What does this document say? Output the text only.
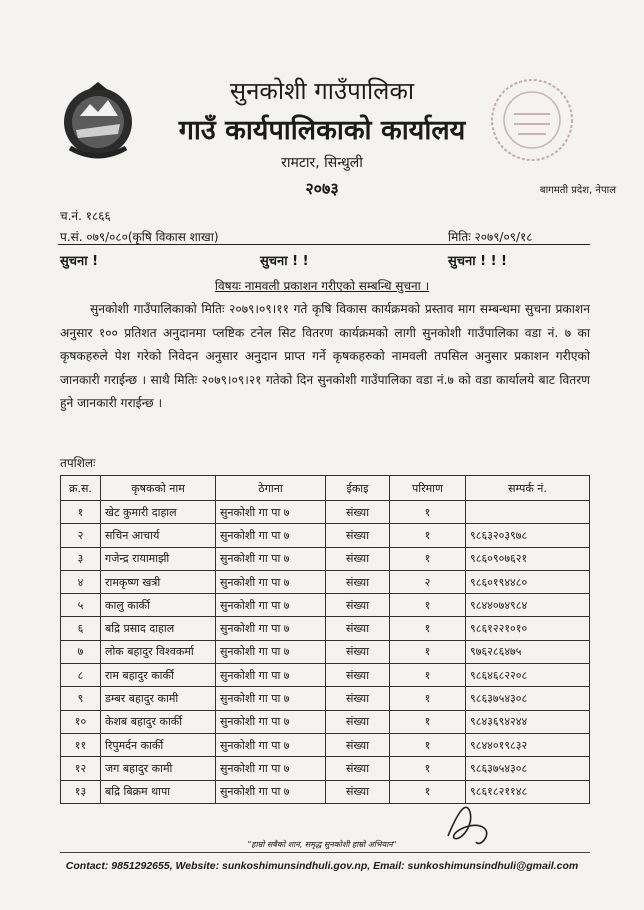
सुनकोशी गाउँपालिका
गाउँ कार्यपालिकाको कार्यालय
रामटार, सिन्धुली
२०७३	बागमती प्रदेश, नेपाल
च.नं. १८६६
प.सं. ०७९/०८०(कृषि विकास शाखा)	मितिः २०७९/०९/१८
सुचना !	सुचना ! !	सुचना ! ! !
विषयः नामवली प्रकाशन गरीएको सम्बन्धि सुचना ।

सुनकोशी गाउँपालिकाको मितिः २०७९।०९।११ गते कृषि विकास कार्यक्रमको प्रस्ताव माग सम्बन्धमा सुचना प्रकाशन अनुसार १०० प्रतिशत अनुदानमा प्लष्टिक टनेल सिट वितरण कार्यक्रमको लागी सुनकोशी गाउँपालिका वडा नं. ७ का कृषकहरुले पेश गरेको निवेदन अनुसार अनुदान प्राप्त गर्ने कृषकहरुको नामवली तपसिल अनुसार प्रकाशन गरीएको जानकारी गराईन्छ । साथै मितिः २०७९।०९।२१ गतेको दिन सुनकोशी गाउँपालिका वडा नं.७ को वडा कार्यालये बाट वितरण हुने जानकारी गराईन्छ ।

तपशिलः
क्र.स.	कृषकको नाम	ठेगाना	ईकाइ	परिमाण	सम्पर्क नं.
१	खेट कुमारी दाहाल	सुनकोशी गा पा ७	संख्या	१	
२	सचिन आचार्य	सुनकोशी गा पा ७	संख्या	१	९८६३२०३९७८
३	गजेन्द्र रायामाझी	सुनकोशी गा पा ७	संख्या	१	९८६०९०७६२१
४	रामकृष्ण खत्री	सुनकोशी गा पा ७	संख्या	२	९८६०१९४४८०
५	कालु कार्की	सुनकोशी गा पा ७	संख्या	१	९८४४०७४९८४
६	बद्रि प्रसाद दाहाल	सुनकोशी गा पा ७	संख्या	१	९८६१२२१०१०
७	लोक बहादुर विश्वकर्मा	सुनकोशी गा पा ७	संख्या	१	९७६२८६४७५
८	राम बहादुर कार्की	सुनकोशी गा पा ७	संख्या	१	९८६४६८२२०८
९	डम्बर बहादुर कामी	सुनकोशी गा पा ७	संख्या	१	९८६३७५४३०८
१०	केशब बहादुर कार्की	सुनकोशी गा पा ७	संख्या	१	९८४३६९४२४४
११	रिपुमर्दन कार्की	सुनकोशी गा पा ७	संख्या	१	९८४४०१९८३२
१२	जग बहादुर कामी	सुनकोशी गा पा ७	संख्या	१	९८६३७५४३०८
१३	बद्रि बिक्रम थापा	सुनकोशी गा पा ७	संख्या	१	९८६१८२११४८
"हाम्रो सबैको शान, समृद्ध सुनकोशी हाम्रो अभियान"
Contact: 9851292655, Website: sunkoshimunsindhuli.gov.np, Email: sunkoshimunsindhuli@gmail.com
